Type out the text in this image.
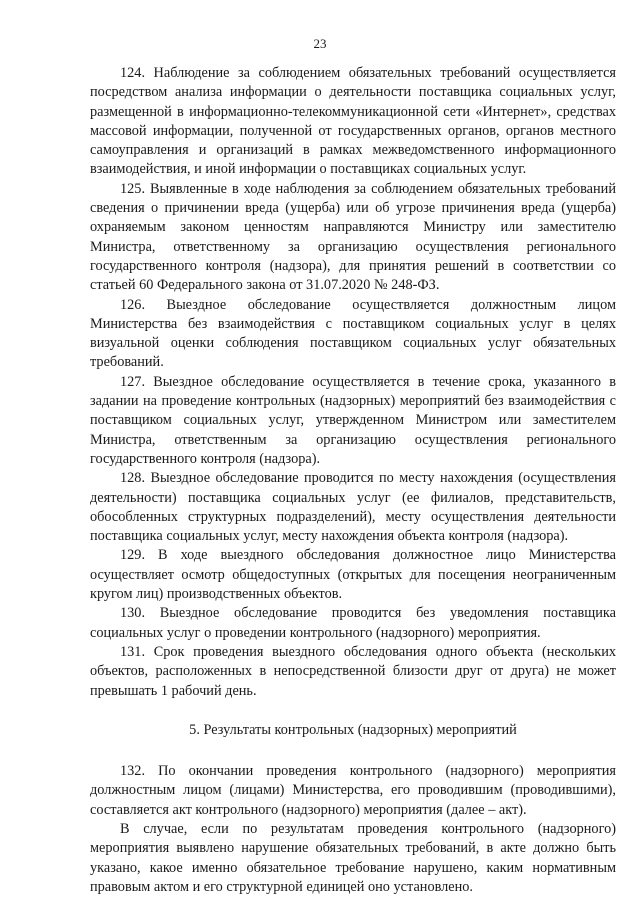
23

124. Наблюдение за соблюдением обязательных требований осуществляется посредством анализа информации о деятельности поставщика социальных услуг, размещенной в информационно-телекоммуникационной сети «Интернет», средствах массовой информации, полученной от государственных органов, органов местного самоуправления и организаций в рамках межведомственного информационного взаимодействия, и иной информации о поставщиках социальных услуг.

125. Выявленные в ходе наблюдения за соблюдением обязательных требований сведения о причинении вреда (ущерба) или об угрозе причинения вреда (ущерба) охраняемым законом ценностям направляются Министру или заместителю Министра, ответственному за организацию осуществления регионального государственного контроля (надзора), для принятия решений в соответствии со статьей 60 Федерального закона от 31.07.2020 № 248-ФЗ.

126. Выездное обследование осуществляется должностным лицом Министерства без взаимодействия с поставщиком социальных услуг в целях визуальной оценки соблюдения поставщиком социальных услуг обязательных требований.

127. Выездное обследование осуществляется в течение срока, указанного в задании на проведение контрольных (надзорных) мероприятий без взаимодействия с поставщиком социальных услуг, утвержденном Министром или заместителем Министра, ответственным за организацию осуществления регионального государственного контроля (надзора).

128. Выездное обследование проводится по месту нахождения (осуществления деятельности) поставщика социальных услуг (ее филиалов, представительств, обособленных структурных подразделений), месту осуществления деятельности поставщика социальных услуг, месту нахождения объекта контроля (надзора).

129. В ходе выездного обследования должностное лицо Министерства осуществляет осмотр общедоступных (открытых для посещения неограниченным кругом лиц) производственных объектов.

130. Выездное обследование проводится без уведомления поставщика социальных услуг о проведении контрольного (надзорного) мероприятия.

131. Срок проведения выездного обследования одного объекта (нескольких объектов, расположенных в непосредственной близости друг от друга) не может превышать 1 рабочий день.

5. Результаты контрольных (надзорных) мероприятий

132. По окончании проведения контрольного (надзорного) мероприятия должностным лицом (лицами) Министерства, его проводившим (проводившими), составляется акт контрольного (надзорного) мероприятия (далее – акт).

В случае, если по результатам проведения контрольного (надзорного) мероприятия выявлено нарушение обязательных требований, в акте должно быть указано, какое именно обязательное требование нарушено, каким нормативным правовым актом и его структурной единицей оно установлено.
